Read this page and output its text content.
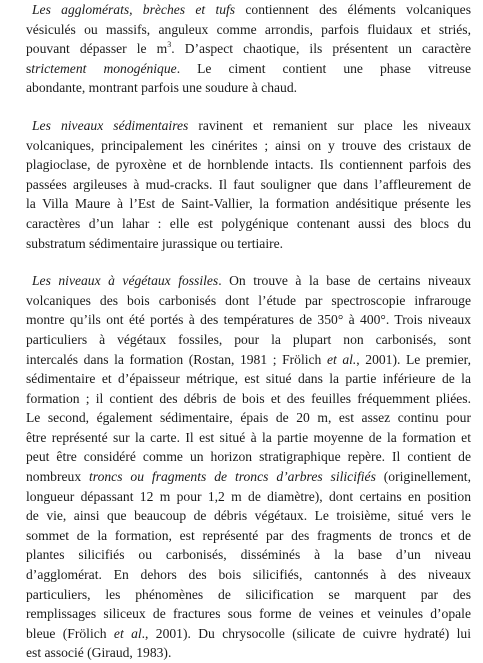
Les agglomérats, brèches et tufs contiennent des éléments volcaniques
vésiculés ou massifs, anguleux comme arrondis, parfois fluidaux et striés,
pouvant dépasser le $m^3$. D’aspect chaotique, ils présentent un caractère
strictement monogénique. Le ciment contient une phase vitreuse
abondante, montrant parfois une soudure à chaud.
Les niveaux sédimentaires ravinent et remanient sur place les niveaux
volcaniques, principalement les cinérites ; ainsi on y trouve des cristaux de
plagioclase, de pyroxène et de hornblende intacts. Ils contiennent parfois des
passées argileuses à mud-cracks. Il faut souligner que dans l’affleurement de
la Villa Maure à l’Est de Saint-Vallier, la formation andésitique présente les
caractères d’un lahar : elle est polygénique contenant aussi des blocs du
substratum sédimentaire jurassique ou tertiaire.
Les niveaux à végétaux fossiles. On trouve à la base de certains niveaux
volcaniques des bois carbonisés dont l’étude par spectroscopie infrarouge
montre qu’ils ont été portés à des températures de 350° à 400°. Trois niveaux
particuliers à végétaux fossiles, pour la plupart non carbonisés, sont
intercalés dans la formation (Rostan, 1981 ; Frölich et al., 2001). Le premier,
sédimentaire et d’épaisseur métrique, est situé dans la partie inférieure de la
formation ; il contient des débris de bois et des feuilles fréquemment pliées.
Le second, également sédimentaire, épais de 20 m, est assez continu pour
être représenté sur la carte. Il est situé à la partie moyenne de la formation et
peut être considéré comme un horizon stratigraphique repère. Il contient de
nombreux troncs ou fragments de troncs d’arbres silicifiés (originellement,
longueur dépassant 12 m pour 1,2 m de diamètre), dont certains en position
de vie, ainsi que beaucoup de débris végétaux. Le troisième, situé vers le
sommet de la formation, est représenté par des fragments de troncs et de
plantes silicifiés ou carbonisés, disséminés à la base d’un niveau
d’agglomérat. En dehors des bois silicifiés, cantonnés à des niveaux
particuliers, les phénomènes de silicification se marquent par des
remplissages siliceux de fractures sous forme de veines et veinules d’opale
bleue (Frölich et al., 2001). Du chrysocolle (silicate de cuivre hydraté) lui
est associé (Giraud, 1983).
